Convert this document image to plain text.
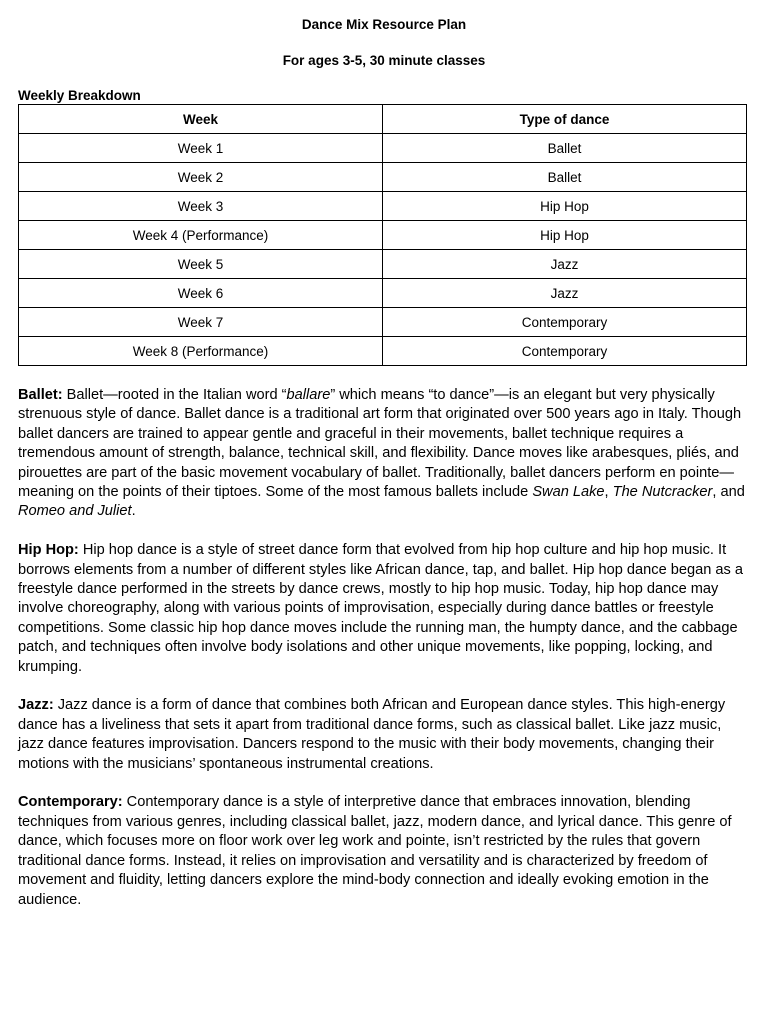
Dance Mix Resource Plan
For ages 3-5, 30 minute classes
Weekly Breakdown
Week	Type of dance
Week 1	Ballet
Week 2	Ballet
Week 3	Hip Hop
Week 4 (Performance)	Hip Hop
Week 5	Jazz
Week 6	Jazz
Week 7	Contemporary
Week 8 (Performance)	Contemporary

Ballet: Ballet—rooted in the Italian word “ballare” which means “to dance”—is an elegant but very physically strenuous style of dance. Ballet dance is a traditional art form that originated over 500 years ago in Italy. Though ballet dancers are trained to appear gentle and graceful in their movements, ballet technique requires a tremendous amount of strength, balance, technical skill, and flexibility. Dance moves like arabesques, pliés, and pirouettes are part of the basic movement vocabulary of ballet. Traditionally, ballet dancers perform en pointe—meaning on the points of their tiptoes. Some of the most famous ballets include Swan Lake, The Nutcracker, and Romeo and Juliet.

Hip Hop: Hip hop dance is a style of street dance form that evolved from hip hop culture and hip hop music. It borrows elements from a number of different styles like African dance, tap, and ballet. Hip hop dance began as a freestyle dance performed in the streets by dance crews, mostly to hip hop music. Today, hip hop dance may involve choreography, along with various points of improvisation, especially during dance battles or freestyle competitions. Some classic hip hop dance moves include the running man, the humpty dance, and the cabbage patch, and techniques often involve body isolations and other unique movements, like popping, locking, and krumping.

Jazz: Jazz dance is a form of dance that combines both African and European dance styles. This high-energy dance has a liveliness that sets it apart from traditional dance forms, such as classical ballet. Like jazz music, jazz dance features improvisation. Dancers respond to the music with their body movements, changing their motions with the musicians’ spontaneous instrumental creations.

Contemporary: Contemporary dance is a style of interpretive dance that embraces innovation, blending techniques from various genres, including classical ballet, jazz, modern dance, and lyrical dance. This genre of dance, which focuses more on floor work over leg work and pointe, isn’t restricted by the rules that govern traditional dance forms. Instead, it relies on improvisation and versatility and is characterized by freedom of movement and fluidity, letting dancers explore the mind-body connection and ideally evoking emotion in the audience.
